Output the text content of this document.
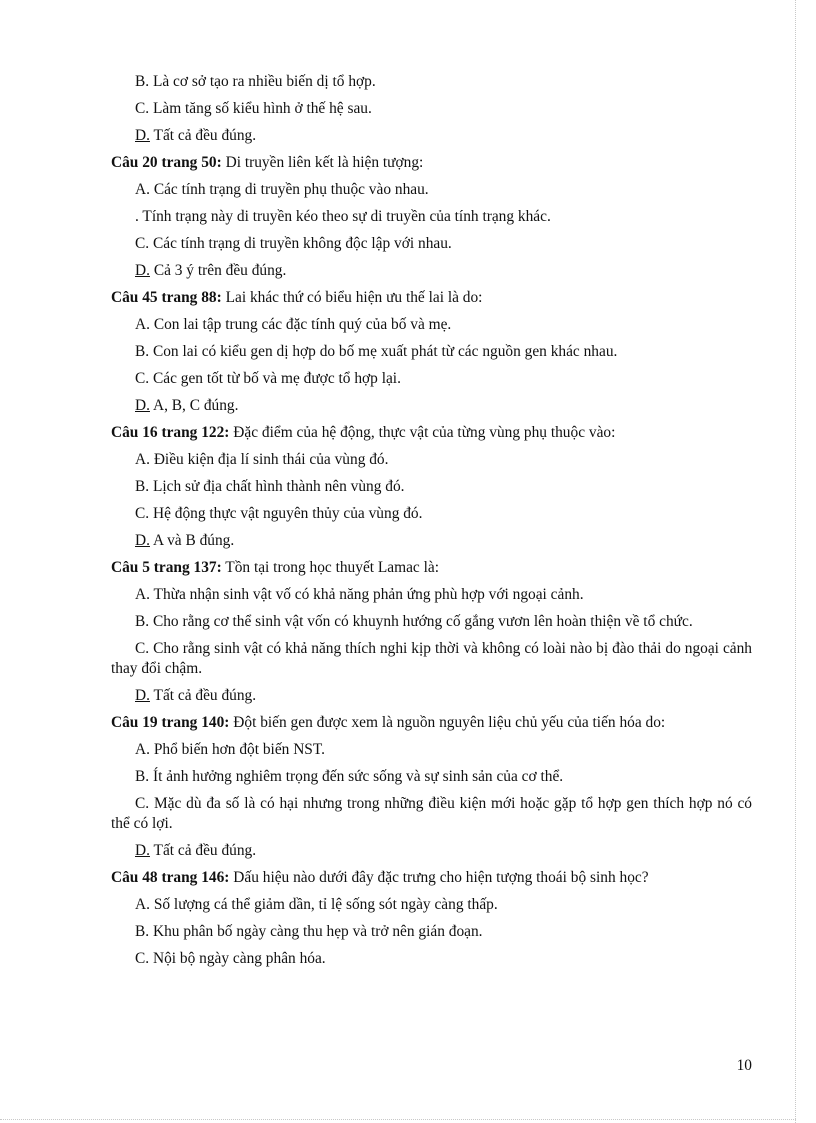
B. Là cơ sở tạo ra nhiều biến dị tổ hợp.

C. Làm tăng số kiểu hình ở thế hệ sau.

D. Tất cả đều đúng.

Câu 20 trang 50: Di truyền liên kết là hiện tượng:

A. Các tính trạng di truyền phụ thuộc vào nhau.

. Tính trạng này di truyền kéo theo sự di truyền của tính trạng khác.

C. Các tính trạng di truyền không độc lập với nhau.

D. Cả 3 ý trên đều đúng.

Câu 45 trang 88: Lai khác thứ có biểu hiện ưu thế lai là do:

A. Con lai tập trung các đặc tính quý của bố và mẹ.

B. Con lai có kiểu gen dị hợp do bố mẹ xuất phát từ các nguồn gen khác nhau.

C. Các gen tốt từ bố và mẹ được tổ hợp lại.

D. A, B, C đúng.

Câu 16 trang 122: Đặc điểm của hệ động, thực vật của từng vùng phụ thuộc vào:

A. Điều kiện địa lí sinh thái của vùng đó.

B. Lịch sử địa chất hình thành nên vùng đó.

C. Hệ động thực vật nguyên thủy của vùng đó.

D. A và B đúng.

Câu 5 trang 137: Tồn tại trong học thuyết Lamac là:

A. Thừa nhận sinh vật vố có khả năng phản ứng phù hợp với ngoại cảnh.

B. Cho rằng cơ thể sinh vật vốn có khuynh hướng cố gắng vươn lên hoàn thiện về tổ chức.

C. Cho rằng sinh vật có khả năng thích nghi kịp thời và không có loài nào bị đào thải do ngoại cảnh thay đổi chậm.

D. Tất cả đều đúng.

Câu 19 trang 140: Đột biến gen được xem là nguồn nguyên liệu chủ yếu của tiến hóa do:

A. Phổ biến hơn đột biến NST.

B. Ít ảnh hưởng nghiêm trọng đến sức sống và sự sinh sản của cơ thể.

C. Mặc dù đa số là có hại nhưng trong những điều kiện mới hoặc gặp tổ hợp gen thích hợp nó có thể có lợi.

D. Tất cả đều đúng.

Câu 48 trang 146: Dấu hiệu nào dưới đây đặc trưng cho hiện tượng thoái bộ sinh học?

A. Số lượng cá thể giảm dần, tỉ lệ sống sót ngày càng thấp.

B. Khu phân bố ngày càng thu hẹp và trở nên gián đoạn.

C. Nội bộ ngày càng phân hóa.

10
